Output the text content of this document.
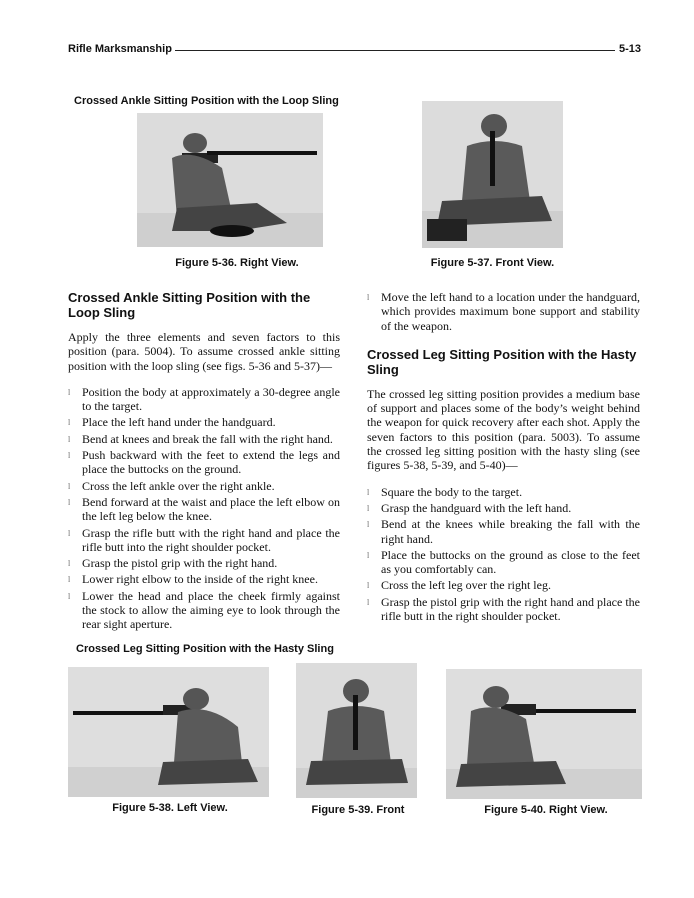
Rifle Marksmanship	5-13
Crossed Ankle Sitting Position with the Loop Sling
Figure 5-36. Right View.	Figure 5-37. Front View.
Crossed Ankle Sitting Position with the Loop Sling

Apply the three elements and seven factors to this position (para. 5004). To assume crossed ankle sitting position with the loop sling (see figs. 5-36 and 5-37)—

l Position the body at approximately a 30-degree angle to the target.
l Place the left hand under the handguard.
l Bend at knees and break the fall with the right hand.
l Push backward with the feet to extend the legs and place the buttocks on the ground.
l Cross the left ankle over the right ankle.
l Bend forward at the waist and place the left elbow on the left leg below the knee.
l Grasp the rifle butt with the right hand and place the rifle butt into the right shoulder pocket.
l Grasp the pistol grip with the right hand.
l Lower right elbow to the inside of the right knee.
l Lower the head and place the cheek firmly against the stock to allow the aiming eye to look through the rear sight aperture.
l Move the left hand to a location under the handguard, which provides maximum bone support and stability of the weapon.
Crossed Leg Sitting Position with the Hasty Sling

The crossed leg sitting position provides a medium base of support and places some of the body’s weight behind the weapon for quick recovery after each shot. Apply the seven factors to this position (para. 5003). To assume the crossed leg sitting position with the hasty sling (see figures 5-38, 5-39, and 5-40)—

l Square the body to the target.
l Grasp the handguard with the left hand.
l Bend at the knees while breaking the fall with the right hand.
l Place the buttocks on the ground as close to the feet as you comfortably can.
l Cross the left leg over the right leg.
l Grasp the pistol grip with the right hand and place the rifle butt in the right shoulder pocket.
Crossed Leg Sitting Position with the Hasty Sling
Figure 5-38. Left View.	Figure 5-39. Front	Figure 5-40. Right View.
